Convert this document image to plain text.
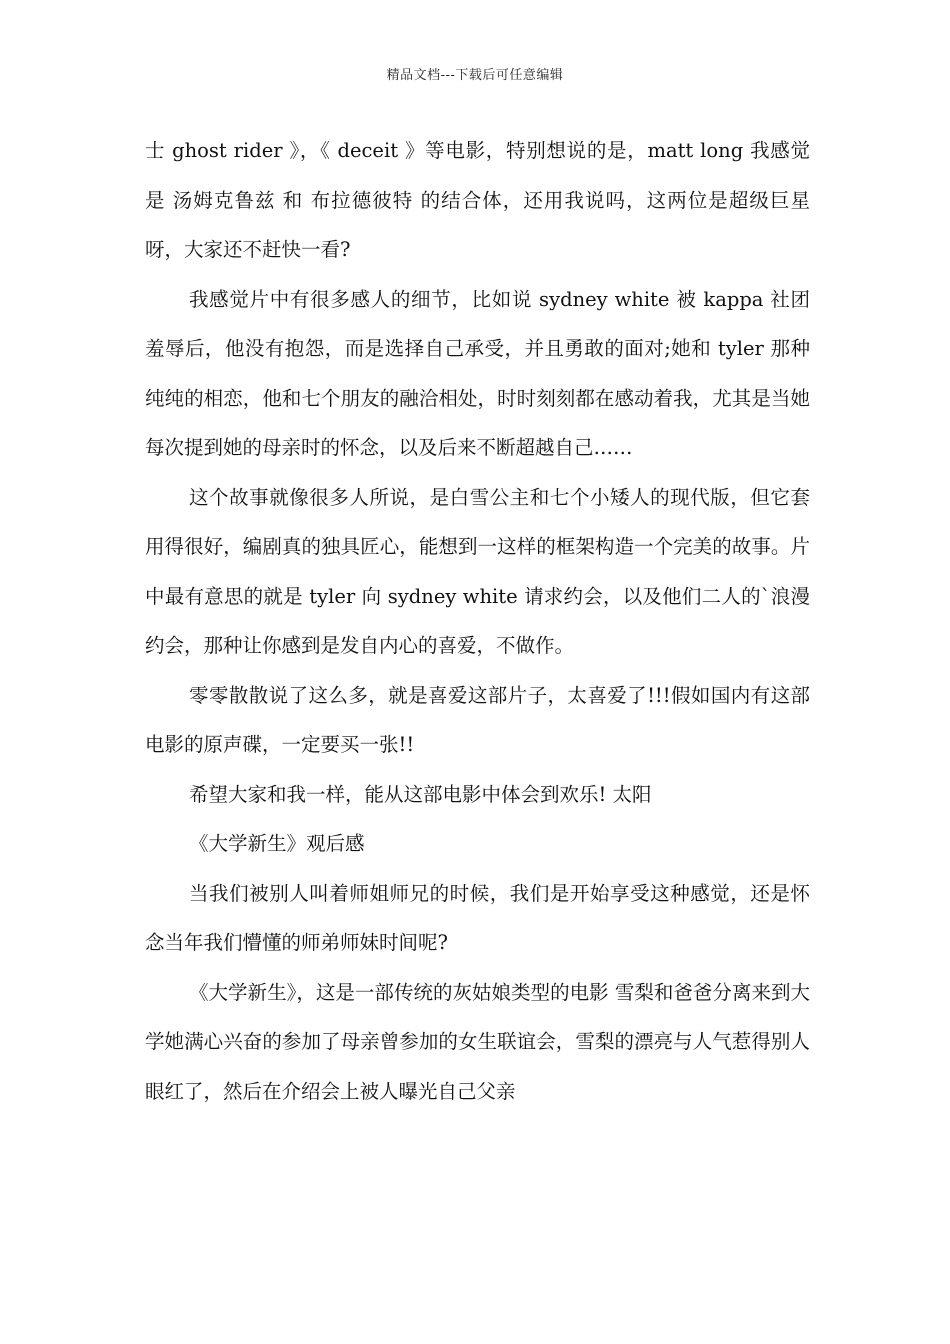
精品文档---下载后可任意编辑

士 ghost rider 》，《 deceit 》等电影，特别想说的是，matt long 我感觉是 汤姆克鲁兹 和 布拉德彼特 的结合体，还用我说吗，这两位是超级巨星呀，大家还不赶快一看?

我感觉片中有很多感人的细节，比如说 sydney white 被 kappa 社团羞辱后，他没有抱怨，而是选择自己承受，并且勇敢的面对;她和 tyler 那种纯纯的相恋，他和七个朋友的融洽相处，时时刻刻都在感动着我，尤其是当她每次提到她的母亲时的怀念，以及后来不断超越自己……

这个故事就像很多人所说，是白雪公主和七个小矮人的现代版，但它套用得很好，编剧真的独具匠心，能想到一这样的框架构造一个完美的故事。片中最有意思的就是 tyler 向 sydney white 请求约会，以及他们二人的`浪漫约会，那种让你感到是发自内心的喜爱，不做作。

零零散散说了这么多，就是喜爱这部片子，太喜爱了!!!假如国内有这部电影的原声碟，一定要买一张!!

希望大家和我一样，能从这部电影中体会到欢乐! 太阳

《大学新生》观后感

当我们被别人叫着师姐师兄的时候，我们是开始享受这种感觉，还是怀念当年我们懵懂的师弟师妹时间呢?

《大学新生》，这是一部传统的灰姑娘类型的电影 雪梨和爸爸分离来到大学她满心兴奋的参加了母亲曾参加的女生联谊会，雪梨的漂亮与人气惹得别人眼红了，然后在介绍会上被人曝光自己父亲
